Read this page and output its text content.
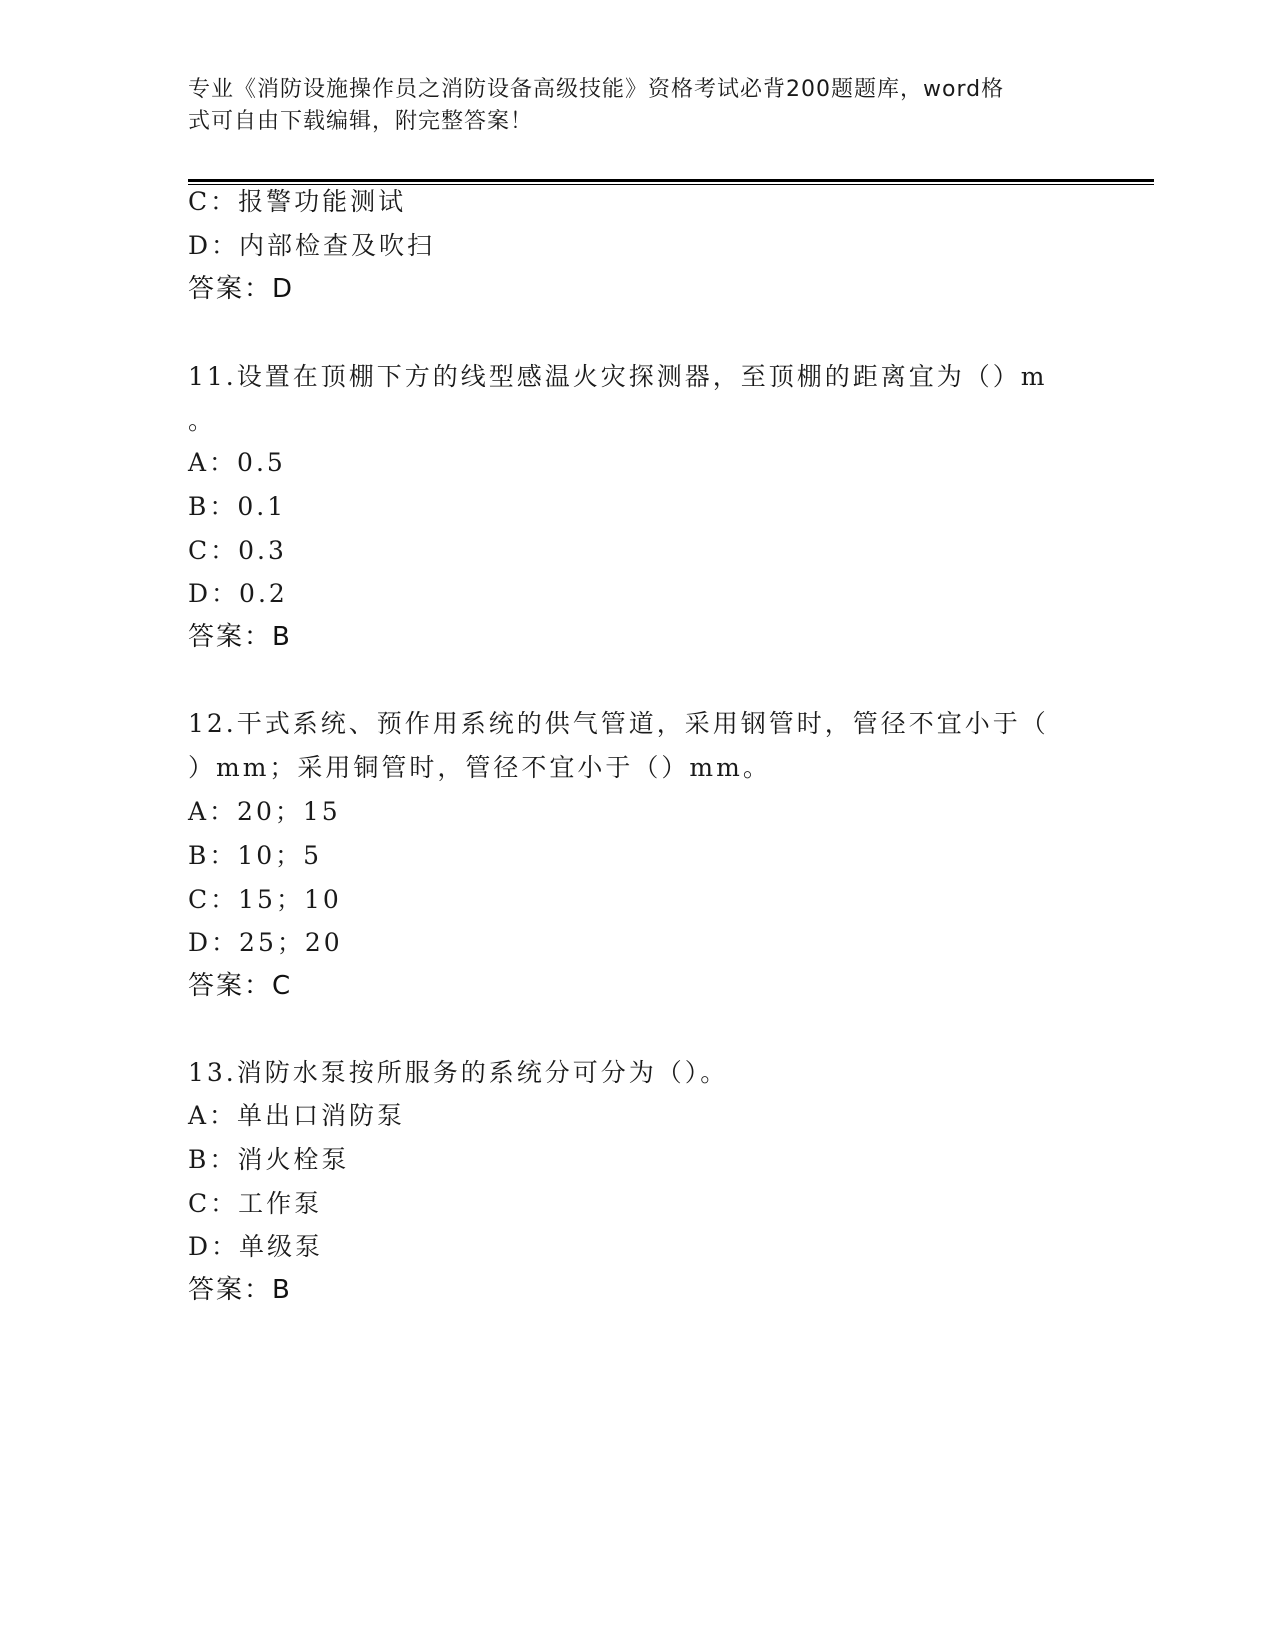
专业《消防设施操作员之消防设备高级技能》资格考试必背200题题库，word格
式可自由下载编辑，附完整答案！
C：报警功能测试
D：内部检查及吹扫
答案：D
11.设置在顶棚下方的线型感温火灾探测器，至顶棚的距离宜为（）m
。
A：0.5
B：0.1
C：0.3
D：0.2
答案：B
12.干式系统、预作用系统的供气管道，采用钢管时，管径不宜小于（
）mm；采用铜管时，管径不宜小于（）mm。
A：20；15
B：10；5
C：15；10
D：25；20
答案：C
13.消防水泵按所服务的系统分可分为（）。
A：单出口消防泵
B：消火栓泵
C：工作泵
D：单级泵
答案：B
